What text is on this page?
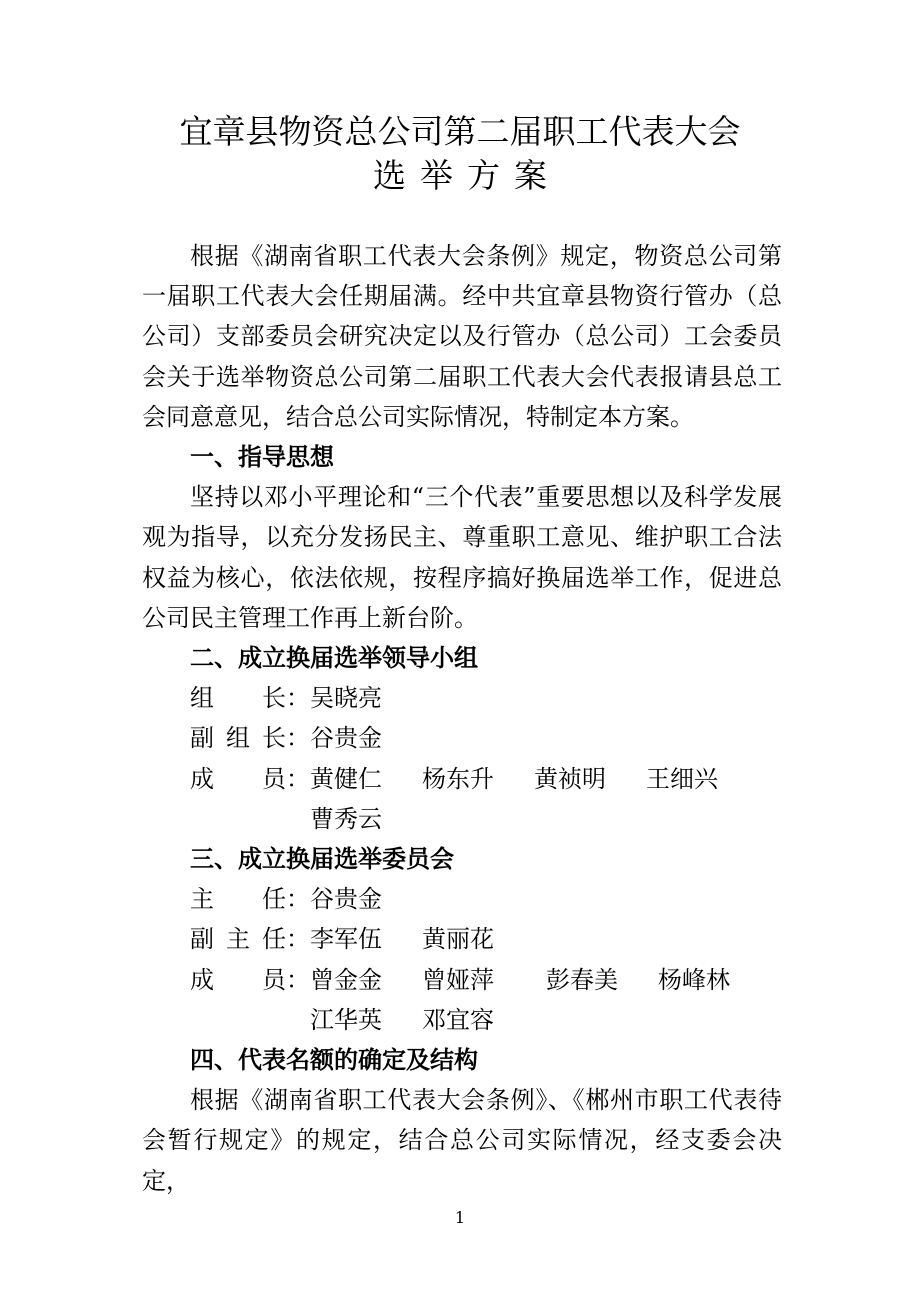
宜章县物资总公司第二届职工代表大会
选举方案
根据《湖南省职工代表大会条例》规定，物资总公司第一届职工代表大会任期届满。经中共宜章县物资行管办（总公司）支部委员会研究决定以及行管办（总公司）工会委员会关于选举物资总公司第二届职工代表大会代表报请县总工会同意意见，结合总公司实际情况，特制定本方案。
一、指导思想
坚持以邓小平理论和“三个代表”重要思想以及科学发展观为指导，以充分发扬民主、尊重职工意见、维护职工合法权益为核心，依法依规，按程序搞好换届选举工作，促进总公司民主管理工作再上新台阶。
二、成立换届选举领导小组
组 长 ： 吴晓亮
副 组 长 ： 谷贵金
成 员 ： 黄健仁 杨东升 黄祯明 王细兴
曹秀云
三、成立换届选举委员会
主 任 ： 谷贵金
副 主 任 ： 李军伍 黄丽花
成 员 ： 曾金金 曾娅萍 彭春美 杨峰林
江华英 邓宜容
四、代表名额的确定及结构
根据《湖南省职工代表大会条例》、《郴州市职工代表待会暂行规定》的规定，结合总公司实际情况，经支委会决定，
1
